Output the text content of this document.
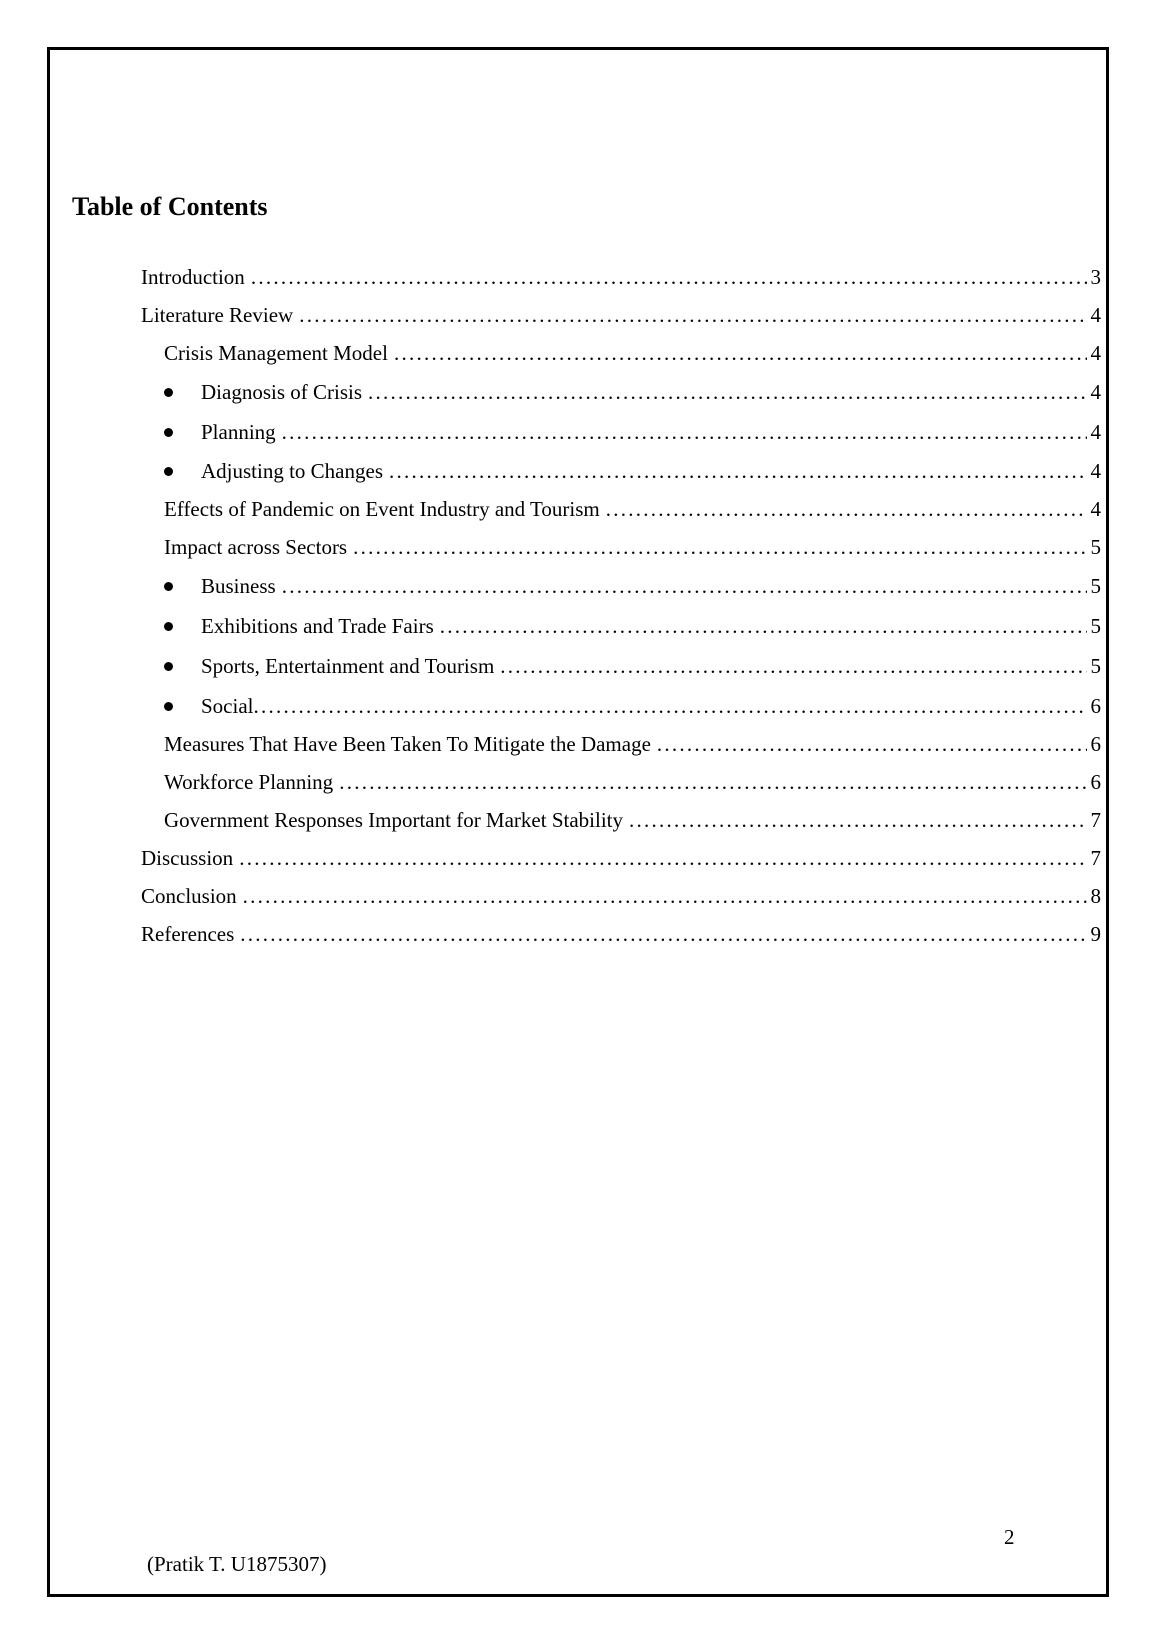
Table of Contents
Introduction . . .	3
Literature Review . . .	4
Crisis Management Model . . .	4
Diagnosis of Crisis . . .	4
Planning . . .	4
Adjusting to Changes . . .	4
Effects of Pandemic on Event Industry and Tourism . . .	4
Impact across Sectors . . .	5
Business . . .	5
Exhibitions and Trade Fairs . . .	5
Sports, Entertainment and Tourism . . .	5
Social . . .	6
Measures That Have Been Taken To Mitigate the Damage . . .	6
Workforce Planning . . .	6
Government Responses Important for Market Stability . . .	7
Discussion . . .	7
Conclusion . . .	8
References . . .	9
2
(Pratik T. U1875307)
